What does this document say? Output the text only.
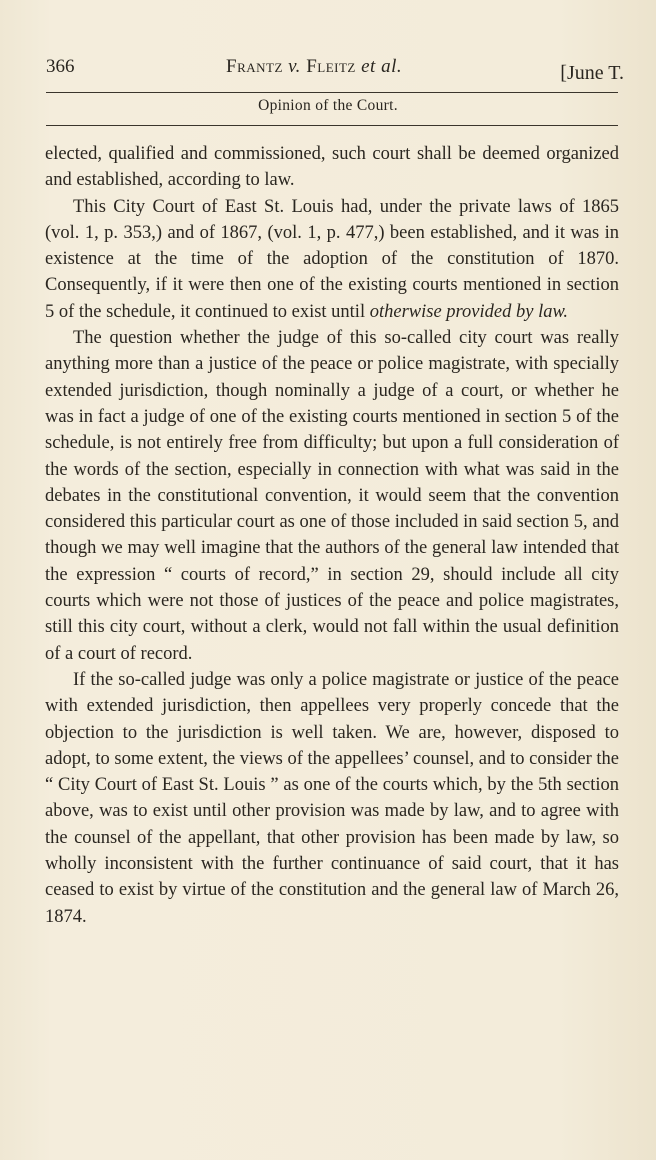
366	Frantz v. Fleitz et al.	[June T.
Opinion of the Court.

elected, qualified and commissioned, such court shall be deemed organized and established, according to law.

This City Court of East St. Louis had, under the private laws of 1865 (vol. 1, p. 353,) and of 1867, (vol. 1, p. 477,) been established, and it was in existence at the time of the adoption of the constitution of 1870. Consequently, if it were then one of the existing courts mentioned in section 5 of the schedule, it continued to exist until otherwise provided by law.

The question whether the judge of this so-called city court was really anything more than a justice of the peace or police magistrate, with specially extended jurisdiction, though nominally a judge of a court, or whether he was in fact a judge of one of the existing courts mentioned in section 5 of the schedule, is not entirely free from difficulty; but upon a full consideration of the words of the section, especially in connection with what was said in the debates in the constitutional convention, it would seem that the convention considered this particular court as one of those included in said section 5, and though we may well imagine that the authors of the general law intended that the expression “ courts of record,” in section 29, should include all city courts which were not those of justices of the peace and police magistrates, still this city court, without a clerk, would not fall within the usual definition of a court of record.

If the so-called judge was only a police magistrate or justice of the peace with extended jurisdiction, then appellees very properly concede that the objection to the jurisdiction is well taken. We are, however, disposed to adopt, to some extent, the views of the appellees’ counsel, and to consider the “ City Court of East St. Louis ” as one of the courts which, by the 5th section above, was to exist until other provision was made by law, and to agree with the counsel of the appellant, that other provision has been made by law, so wholly inconsistent with the further continuance of said court, that it has ceased to exist by virtue of the constitution and the general law of March 26, 1874.
